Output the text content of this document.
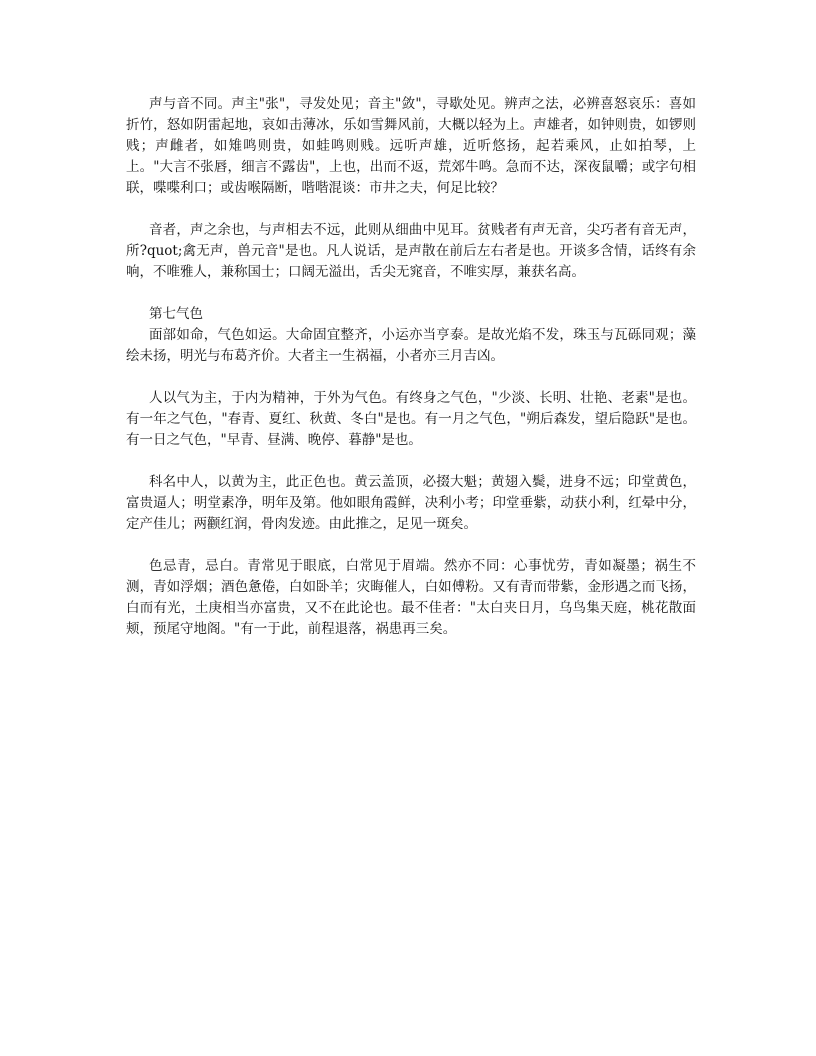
声与音不同。声主"张"，寻发处见；音主"敛"，寻歇处见。辨声之法，必辨喜怒哀乐：喜如折竹，怒如阴雷起地，哀如击薄冰，乐如雪舞风前，大概以轻为上。声雄者，如钟则贵，如锣则贱；声雌者，如雉鸣则贵，如蛙鸣则贱。远听声雄，近听悠扬，起若乘风，止如拍琴，上上。"大言不张唇，细言不露齿"，上也，出而不返，荒郊牛鸣。急而不达，深夜鼠嚼；或字句相联，喋喋利口；或齿喉隔断，喈喈混谈：市井之夫，何足比较？

音者，声之余也，与声相去不远，此则从细曲中见耳。贫贱者有声无音，尖巧者有音无声，所?quot;禽无声，兽元音"是也。凡人说话，是声散在前后左右者是也。开谈多含情，话终有余响，不唯雅人，兼称国士；口阔无溢出，舌尖无窕音，不唯实厚，兼获名高。

第七气色

面部如命，气色如运。大命固宜整齐，小运亦当亨泰。是故光焰不发，珠玉与瓦砾同观；藻绘未扬，明光与布葛齐价。大者主一生祸福，小者亦三月吉凶。

人以气为主，于内为精神，于外为气色。有终身之气色，"少淡、长明、壮艳、老素"是也。有一年之气色，"春青、夏红、秋黄、冬白"是也。有一月之气色，"朔后森发，望后隐跃"是也。有一日之气色，"早青、昼满、晚停、暮静"是也。

科名中人，以黄为主，此正色也。黄云盖顶，必掇大魁；黄翅入鬓，进身不远；印堂黄色，富贵逼人；明堂素净，明年及第。他如眼角霞鲜，决利小考；印堂垂紫，动获小利，红晕中分，定产佳儿；两颧红润，骨肉发迹。由此推之，足见一斑矣。

色忌青，忌白。青常见于眼底，白常见于眉端。然亦不同：心事忧劳，青如凝墨；祸生不测，青如浮烟；酒色惫倦，白如卧羊；灾晦催人，白如傅粉。又有青而带紫，金形遇之而飞扬，白而有光，土庚相当亦富贵，又不在此论也。最不佳者："太白夹日月，乌鸟集天庭，桃花散面颊，预尾守地阁。"有一于此，前程退落，祸患再三矣。
